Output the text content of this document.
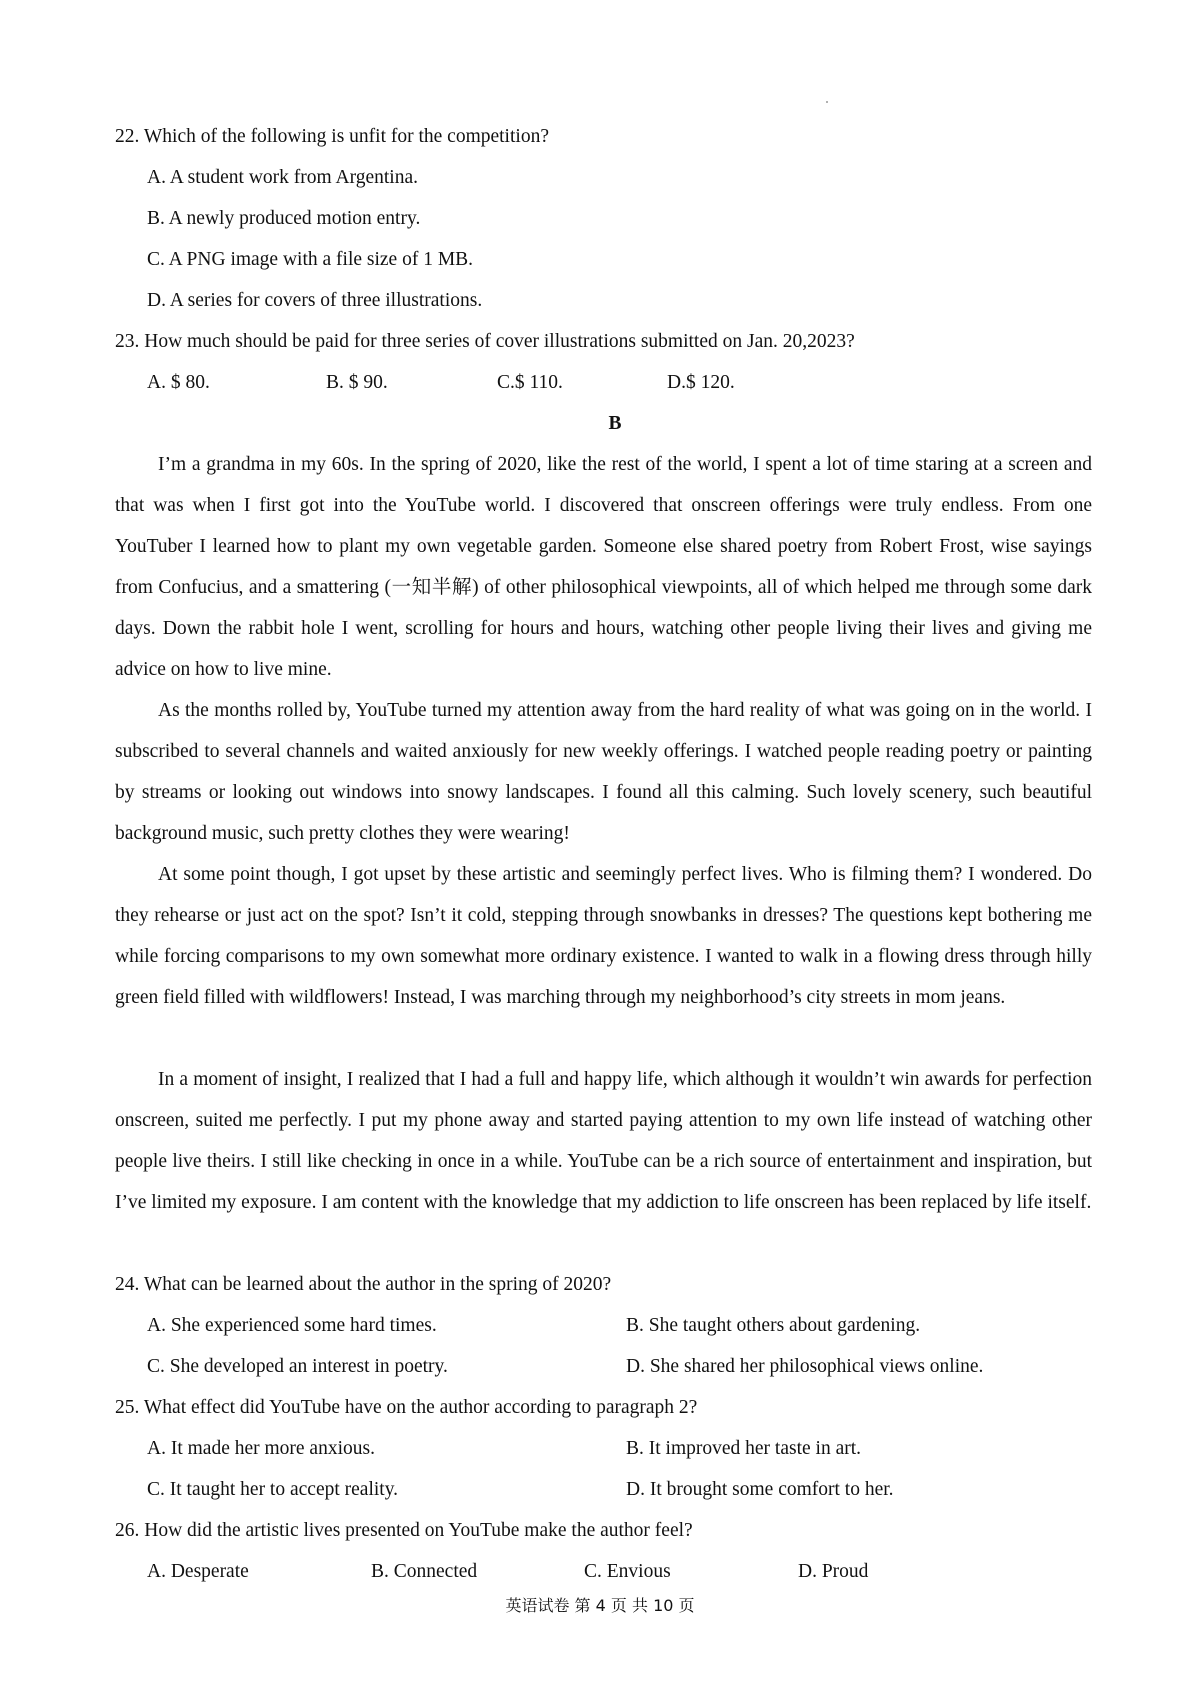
22. Which of the following is unfit for the competition?
A. A student work from Argentina.
B. A newly produced motion entry.
C. A PNG image with a file size of 1 MB.
D. A series for covers of three illustrations.
23. How much should be paid for three series of cover illustrations submitted on Jan. 20,2023?
A. $ 80.	B. $ 90.	C.$ 110.	D.$ 120.
B

I’m a grandma in my 60s. In the spring of 2020, like the rest of the world, I spent a lot of time staring at a screen and that was when I first got into the YouTube world. I discovered that onscreen offerings were truly endless. From one YouTuber I learned how to plant my own vegetable garden. Someone else shared poetry from Robert Frost, wise sayings from Confucius, and a smattering (一知半解) of other philosophical viewpoints, all of which helped me through some dark days. Down the rabbit hole I went, scrolling for hours and hours, watching other people living their lives and giving me advice on how to live mine.

As the months rolled by, YouTube turned my attention away from the hard reality of what was going on in the world. I subscribed to several channels and waited anxiously for new weekly offerings. I watched people reading poetry or painting by streams or looking out windows into snowy landscapes. I found all this calming. Such lovely scenery, such beautiful background music, such pretty clothes they were wearing!

At some point though, I got upset by these artistic and seemingly perfect lives. Who is filming them? I wondered. Do they rehearse or just act on the spot? Isn’t it cold, stepping through snowbanks in dresses? The questions kept bothering me while forcing comparisons to my own somewhat more ordinary existence. I wanted to walk in a flowing dress through hilly green field filled with wildflowers! Instead, I was marching through my neighborhood’s city streets in mom jeans.

In a moment of insight, I realized that I had a full and happy life, which although it wouldn’t win awards for perfection onscreen, suited me perfectly. I put my phone away and started paying attention to my own life instead of watching other people live theirs. I still like checking in once in a while. YouTube can be a rich source of entertainment and inspiration, but I’ve limited my exposure. I am content with the knowledge that my addiction to life onscreen has been replaced by life itself.

24. What can be learned about the author in the spring of 2020?
A. She experienced some hard times.	B. She taught others about gardening.
C. She developed an interest in poetry.	D. She shared her philosophical views online.
25. What effect did YouTube have on the author according to paragraph 2?
A. It made her more anxious.	B. It improved her taste in art.
C. It taught her to accept reality.	D. It brought some comfort to her.
26. How did the artistic lives presented on YouTube make the author feel?
A. Desperate	B. Connected	C. Envious	D. Proud
英语试卷 第 4 页 共 10 页
